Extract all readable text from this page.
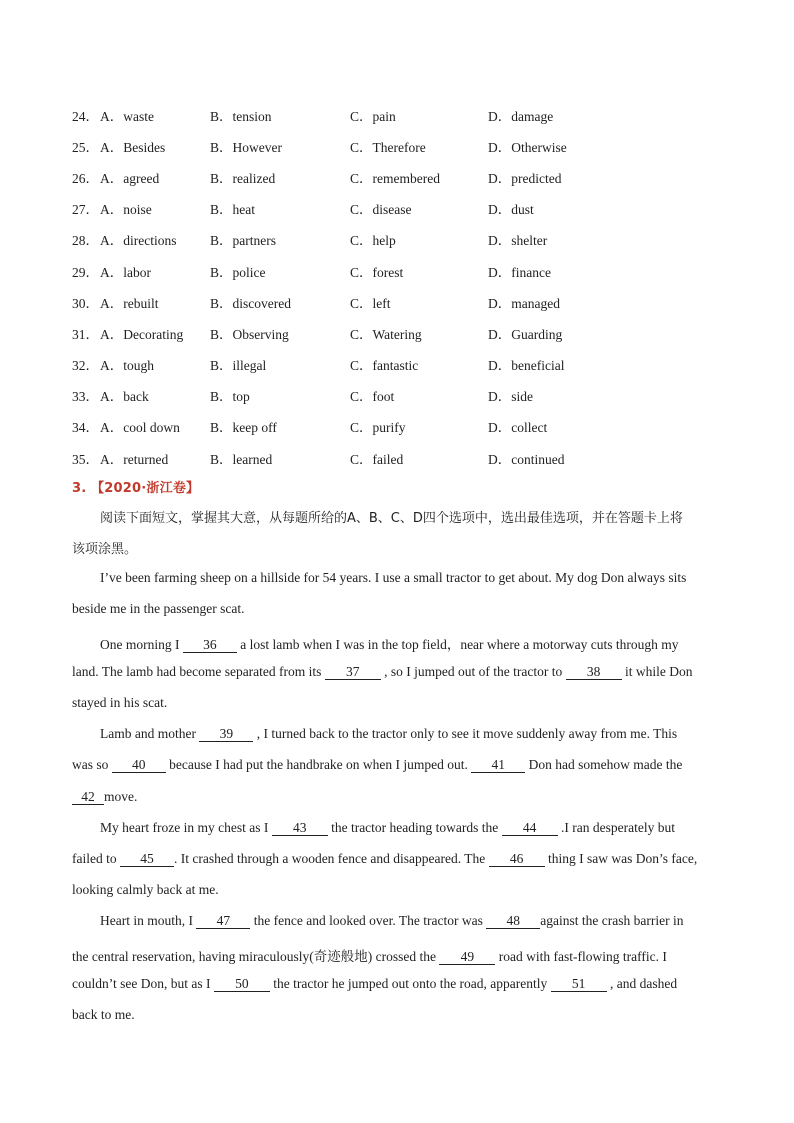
24． A．waste	B．tension	C．pain	D．damage
25． A．Besides	B．However	C．Therefore	D．Otherwise
26． A．agreed	B．realized	C．remembered	D．predicted
27． A．noise	B．heat	C．disease	D．dust
28． A．directions	B．partners	C．help	D．shelter
29． A．labor	B．police	C．forest	D．finance
30． A．rebuilt	B．discovered	C．left	D．managed
31． A．Decorating	B．Observing	C．Watering	D．Guarding
32． A．tough	B．illegal	C．fantastic	D．beneficial
33． A．back	B．top	C．foot	D．side
34． A．cool down	B．keep off	C．purify	D．collect
35． A．returned	B．learned	C．failed	D．continued
3. 【2020·浙江卷】
阅读下面短文，掌握其大意，从每题所给的A、B、C、D四个选项中，选出最佳选项，并在答题卡上将
该项涂黑。
I’ve been farming sheep on a hillside for 54 years. I use a small tractor to get about. My dog Don always sits
beside me in the passenger scat.
One morning I 36 a lost lamb when I was in the top field，near where a motorway cuts through my
land. The lamb had become separated from its 37 , so I jumped out of the tractor to 38 it while Don
stayed in his scat.
Lamb and mother 39 , I turned back to the tractor only to see it move suddenly away from me. This
was so 40 because I had put the handbrake on when I jumped out. 41 Don had somehow made the
42 move.
My heart froze in my chest as I 43 the tractor heading towards the 44 .I ran desperately but
failed to 45 . It crashed through a wooden fence and disappeared. The 46 thing I saw was Don’s face,
looking calmly back at me.
Heart in mouth, I 47 the fence and looked over. The tractor was 48 against the crash barrier in
the central reservation, having miraculously(奇迹般地) crossed the 49 road with fast-flowing traffic. I
couldn’t see Don, but as I 50 the tractor he jumped out onto the road, apparently 51 , and dashed
back to me.
